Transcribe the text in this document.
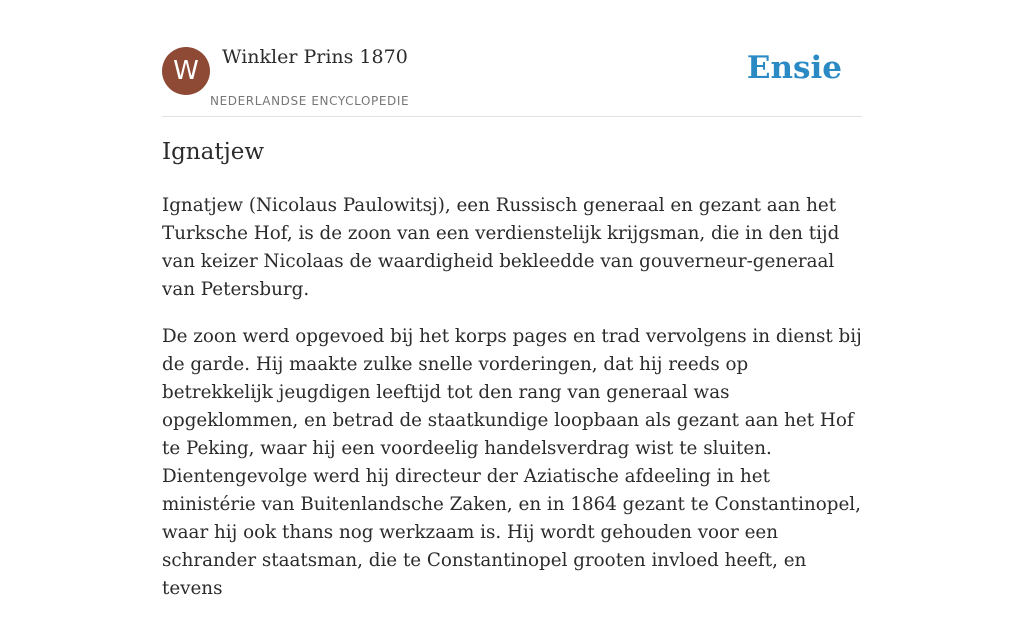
W	Winkler Prins 1870
NEDERLANDSE ENCYCLOPEDIE
Ensie
Ignatjew

Ignatjew (Nicolaus Paulowitsj), een Russisch generaal en gezant aan het Turksche Hof, is de zoon van een verdienstelijk krijgsman, die in den tijd van keizer Nicolaas de waardigheid bekleedde van gouverneur-generaal van Petersburg.

De zoon werd opgevoed bij het korps pages en trad vervolgens in dienst bij de garde. Hij maakte zulke snelle vorderingen, dat hij reeds op betrekkelijk jeugdigen leeftijd tot den rang van generaal was opgeklommen, en betrad de staatkundige loopbaan als gezant aan het Hof te Peking, waar hij een voordeelig handelsverdrag wist te sluiten. Dientengevolge werd hij directeur der Aziatische afdeeling in het ministérie van Buitenlandsche Zaken, en in 1864 gezant te Constantinopel, waar hij ook thans nog werkzaam is. Hij wordt gehouden voor een schrander staatsman, die te Constantinopel grooten invloed heeft, en tevens
